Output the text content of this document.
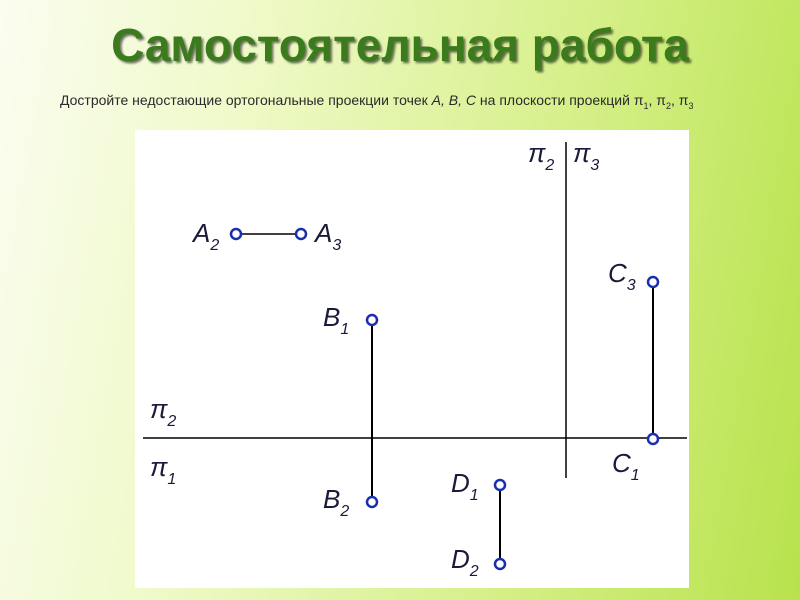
Самостоятельная работа
Достройте недостающие ортогональные проекции точек A, B, C на плоскости проекций $\pi_1$, $\pi_2$, $\pi_3$
$\pi_2$ $\pi_3$
$\pi_2$
$\pi_1$
$A_2$	$A_3$
$B_1$
$B_2$
$C_3$
$C_1$
$D_1$
$D_2$
